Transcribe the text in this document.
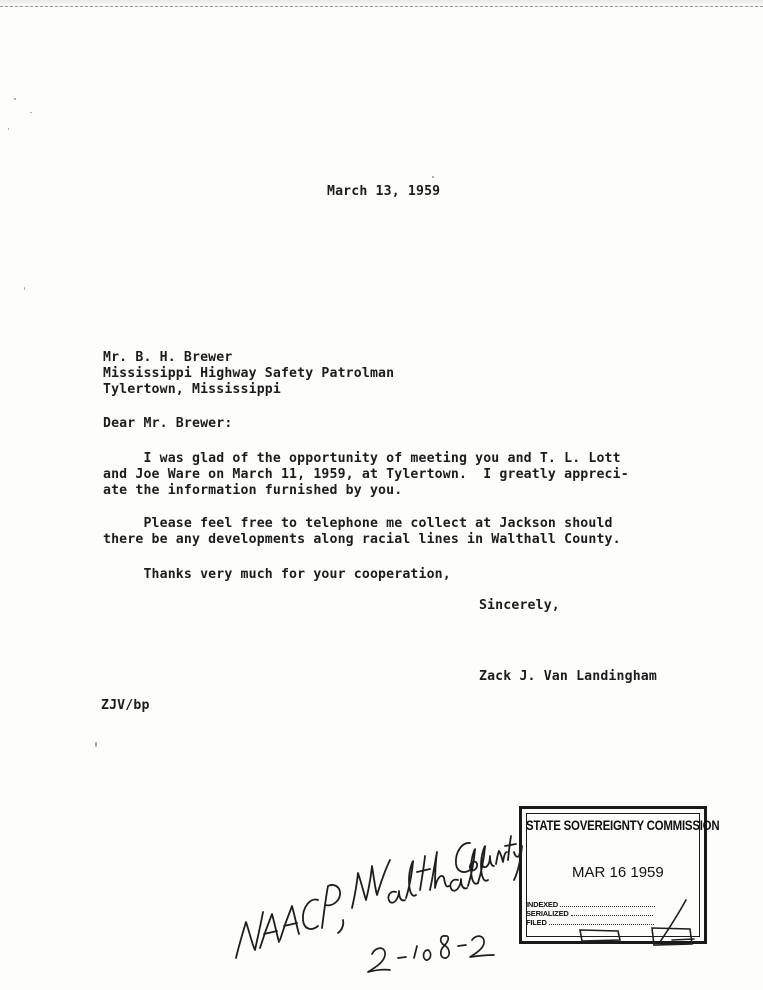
March 13, 1959
Mr. B. H. Brewer
Mississippi Highway Safety Patrolman
Tylertown, Mississippi
Dear Mr. Brewer:
I was glad of the opportunity of meeting you and T. L. Lott
and Joe Ware on March 11, 1959, at Tylertown.  I greatly appreci-
ate the information furnished by you.
Please feel free to telephone me collect at Jackson should
there be any developments along racial lines in Walthall County.
Thanks very much for your cooperation,
Sincerely,
Zack J. Van Landingham
ZJV/bp
STATE SOVEREIGNTY COMMISSION
MAR 16 1959
INDEXED
SERIALIZED
FILED
